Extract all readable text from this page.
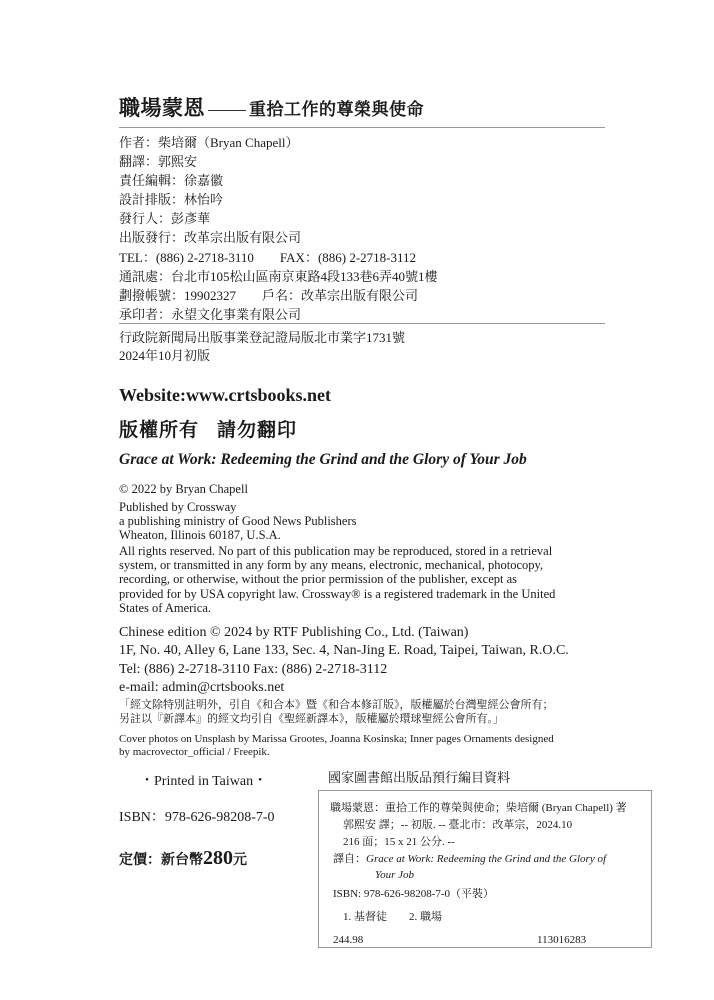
職場蒙恩	重拾工作的尊榮與使命
作者：柴培爾（Bryan Chapell）
翻譯：郭熙安
責任編輯：徐嘉徽
設計排版：林怡吟
發行人：彭彥華
出版發行：改革宗出版有限公司
TEL：(886) 2-2718-3110　　FAX：(886) 2-2718-3112
通訊處：台北市105松山區南京東路4段133巷6弄40號1樓
劃撥帳號：19902327　　戶名：改革宗出版有限公司
承印者：永望文化事業有限公司
行政院新聞局出版事業登記證局版北市業字1731號
2024年10月初版
Website:www.crtsbooks.net
版權所有 請勿翻印
Grace at Work: Redeeming the Grind and the Glory of Your Job
© 2022 by Bryan Chapell
Published by Crossway
a publishing ministry of Good News Publishers
Wheaton, Illinois 60187, U.S.A.
All rights reserved. No part of this publication may be reproduced, stored in a retrieval
system, or transmitted in any form by any means, electronic, mechanical, photocopy,
recording, or otherwise, without the prior permission of the publisher, except as
provided for by USA copyright law. Crossway® is a registered trademark in the United
States of America.
Chinese edition © 2024 by RTF Publishing Co., Ltd. (Taiwan)
1F, No. 40, Alley 6, Lane 133, Sec. 4, Nan-Jing E. Road, Taipei, Taiwan, R.O.C.
Tel: (886) 2-2718-3110 Fax: (886) 2-2718-3112
e-mail: admin@crtsbooks.net
「經文除特別註明外，引自《和合本》暨《和合本修訂版》，版權屬於台灣聖經公會所有；
另註以『新譯本』的經文均引自《聖經新譯本》，版權屬於環球聖經公會所有。」
Cover photos on Unsplash by Marissa Grootes, Joanna Kosinska; Inner pages Ornaments designed
by macrovector_official / Freepik.
・Printed in Taiwan・
ISBN：978-626-98208-7-0
定價：新台幣280元
國家圖書館出版品預行編目資料
職場蒙恩：重拾工作的尊榮與使命；柴培爾 (Bryan Chapell) 著
郭熙安 譯；-- 初版. -- 臺北市：改革宗，2024.10
216 面；15 x 21 公分. --
譯自：Grace at Work: Redeeming the Grind and the Glory of
Your Job
ISBN: 978-626-98208-7-0（平裝）
1. 基督徒　　2. 職場
244.98	113016283
